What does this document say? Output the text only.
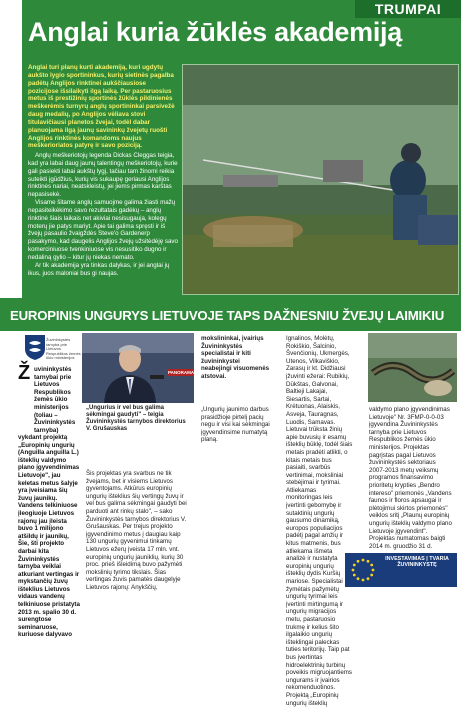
TRUMPAI
Anglai kuria žūklės akademiją
Anglai turi planų kurti akademiją, kuri ugdytų aukšto lygio sportininkus, kurių sietinės pagalba padėtų Anglijos rinktinei aukščiausiose pozicijose išsilaikyti ilgą laiką. Per pastaruosius metus iš prestižinių sportinės žūklės pildinienės meškerėmis turnyrų anglų sportininkai parsivežė daug medalių, po Anglijos vėliava stovi titulavičiausi planetos žvejai, todėl dabar planuojama ilgą jaunų savininkų žvejetų ruošti Anglijos rinktinės komandoms naujus meškerioriatos patyrę ir savo poziciją.
Anglų meškeriotojų legenda Dickas Cleggas teigia, kad yra labai daug jaunų talentingų meškeriotojų, kurie gali pasiekti labai aukštų lygį, tačiau tam žinomi reikia suteikti įgūdžius, kurių vis sukaupę geriausi Anglijos rinktinės nariai, neatskleistų, jei jiems pirmas karštas nepasisekė.
Visame šitame anglų samuojme galima žiasti mažų nepasiteikėkimo savo rezultatais gadėkų – anglų rinktinė šiais laikais net akiviai nesisugauja, kolegų moterų jie patys mariyt. Apie tai galima spręsti ir iš žvejų pasaulio žvaigždės Steve'o Gardenerp pasakymo, kad daugelis Anglijos žvejų užsitėdėję savo komerciniuose tvenkiniuose vis nesusitiko dugno ir nedaliną gylio – kitur jų niekas nemato.
Ar tik akademija yra tinkas dalykas, ir jei anglai jų ikus, juos maloniai bus gi naujas.
EUROPINIS UNGURYS LIETUVOJE TAPS DAŽNESNIU ŽVEJŲ LAIMIKIU
Žuvininkystės tarnyba prie Lietuvos Respublikos žemės ūkio ministerijos
PANORAMA
„Ungurius ir vel bus galima sėkmingai gaudyti" – teigia Žuvininkystės tarnybos direktorius V. Grušauskas
Ž uvininkystės tarnybai prie Lietuvos Respublikos žemės ūkio ministerijos (toliau – Žuvininkystės tarnyba)
vykdant projektą „Europinių ungurių (Anguilla anguilla L.) išteklių valdymo plano įgyvendinimas Lietuvoje", jau keletas metus šalyje yra įveisiama šių žuvų jaunikų. Vandens telkiniuose įleogiuoje Lietuvos rajonų jau įleista buvo 1 milijono atšildų ir jaunikų, Šie, šti projekto darbai kita Žuvininkystės tarnyba veiklai atkuriant vertingas ir mykstančių žuvų išteklius Lietuvos vidaus vandenų telkiniuose pristatyta 2013 m. spalio 30 d. surengtose seminaruose, kuriuose dalyvavo
Šis projektas yra svarbus ne tik žvejams, bet ir visiems Lietuvos gyventojams. Atkūrus europinių ungurių išteklius šių vertingų žuvų ir vel bus galima sėkmingai gaudyti bei parduoti ant rinkų stalo", – sako Žuvininkystės tarnybos direktorius V. Grušauskas. Per trejus projekto įgyvendinimo metus į daugiau kaip 130 ungurių gyvenimui tinkamų Lietuvos ežerų įveista 17 mln. vnt. europinių ungurių jauniklių, kurių 30 proc. prieš išleidimą buvo pažymėti mokslinių tyrimo tikslais. Šias vertingas žuvis pamatės daugelyje Lietuvos rajonų: Anykščių,
mokslininkai, įvairiųs Žuvininkystės specialistai ir kiti žuvininkystei neabejingi visuomenės atstovai.
„Ungurių jaunimo darbus prasidžioje pirtelį pacių negu ir visi kai sėkmingai įgyvendinsime numatytą planą.
Ignalinos, Molėtų, Rokiškio, Šalcinio, Švenčionių, Ukmergės, Utenos, Vilkaviškio, Zarasų ir kt. Didžiausi įžuvinti ežerai: Rubikių, Dūkštas, Galvonai, Baltieji Lakajai, Siesartis, Sartai, Krėtuonas, Alaiskis, Asveja, Tauragnas, Luodis, Samavas. Lietuvai trūksta žinių apie buvusių ir esamų išteklių būklę, todėl šiais metais pradėti atlikti, o kitais metais bus pasiaiti, svarbūs vertinimai, moksliniai stebėjimai ir tyrimai. Atliekamas monitoringas leis įvertinti gebomybę ir sutaktinių ungurių gausumo dinamiką, europos populiacijos padėtį pagal amžių ir kitus matmenis, bus atliekama išmeta analizė ir nustatyta europinių ungurių išteklių dydis Kuršių mariose. Specialistai žymėtais pažymėtų ungurių tyrimai leis įvertinti mirtingumą ir ungurių migracijos metu, pastaruosio trukmę ir kelius šito ilgalaikio ungurių išteklingai paleckas tuties teritorijų. Taip pat bus įvertintas hidroelektrinių turbinų poveikis migruojantiems ungurams ir įvairios rekomenduotinos. Projektą „Europinių ungurių išteklių
valdymo plano įgyvendinimas Lietuvoje" Nr. 3FMP-0-0-03 įgyvendina Žuvininkystės tarnyba prie Lietuvos Respublikos žemės ūkio ministerijos. Projektas pagrįstas pagal Lietuvos žuvininkystės sektoriaus 2007-2013 metų veiksmų programos finansavimo prioritetų krypties „Bendro intereso" priemonės „Vandens faunos ir floros apsaugai ir plėtojimui skirtos priemonės" veiklos sritį „Plaunų europinių ungurių išteklių valdymo plano Lietuvoje įgyvendint". Projektas numatomas baigti 2014 m. gruodžio 31 d.
INVESTAVIMAS Į TVARIA ŽUVININKYSTĘ
